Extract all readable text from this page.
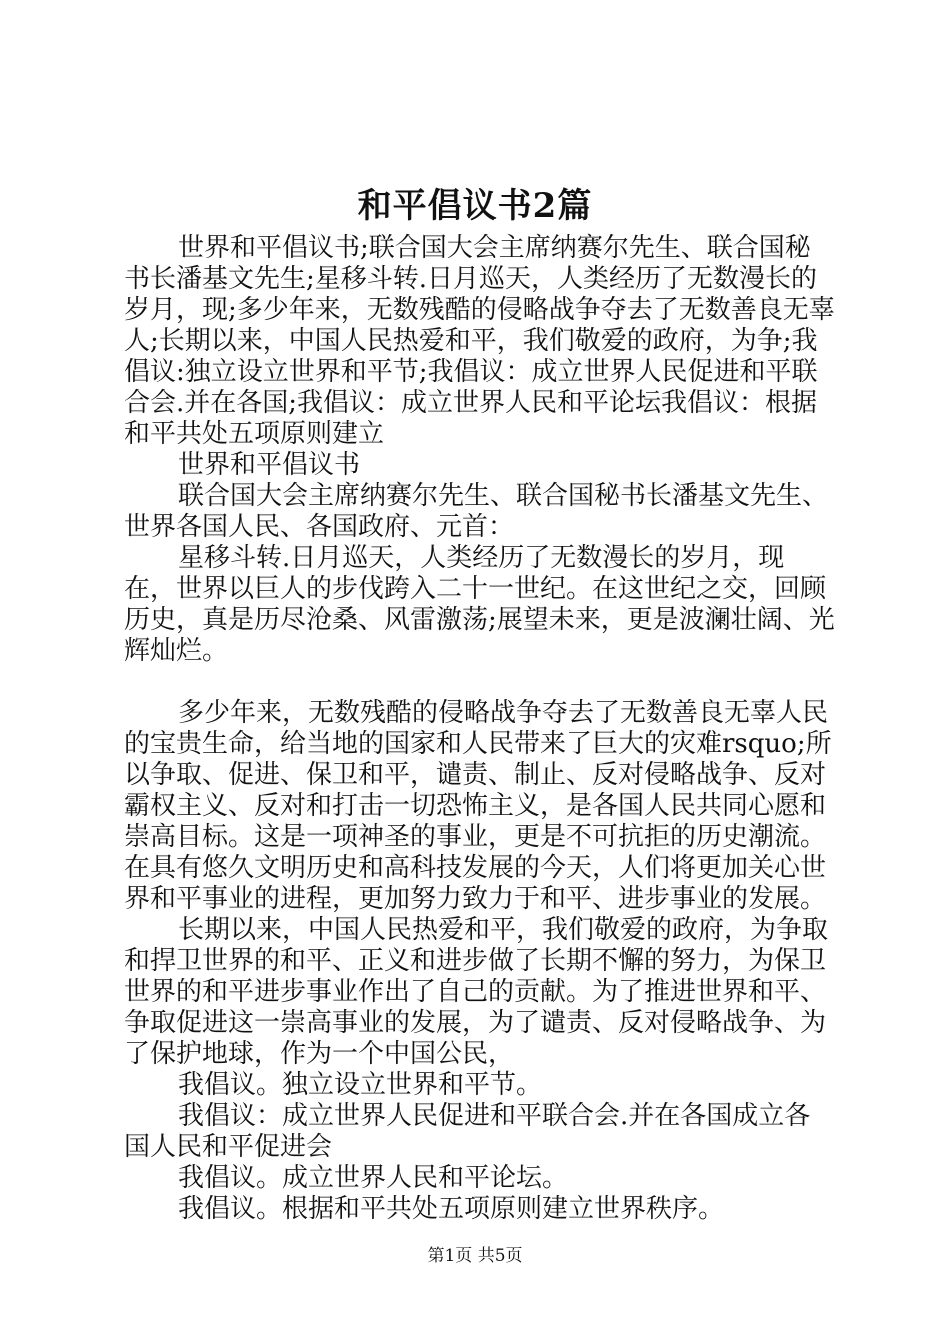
和平倡议书2篇

世界和平倡议书;联合国大会主席纳赛尔先生、联合国秘书长潘基文先生;星移斗转.日月巡天，人类经历了无数漫长的岁月，现;多少年来，无数残酷的侵略战争夺去了无数善良无辜人;长期以来，中国人民热爱和平，我们敬爱的政府，为争;我倡议:独立设立世界和平节;我倡议：成立世界人民促进和平联合会.并在各国;我倡议：成立世界人民和平论坛我倡议：根据和平共处五项原则建立

世界和平倡议书

联合国大会主席纳赛尔先生、联合国秘书长潘基文先生、世界各国人民、各国政府、元首：

星移斗转.日月巡天，人类经历了无数漫长的岁月，现在，世界以巨人的步伐跨入二十一世纪。在这世纪之交，回顾历史，真是历尽沧桑、风雷激荡;展望未来，更是波澜壮阔、光辉灿烂。

多少年来，无数残酷的侵略战争夺去了无数善良无辜人民的宝贵生命，给当地的国家和人民带来了巨大的灾难rsquo;所以争取、促进、保卫和平，谴责、制止、反对侵略战争、反对霸权主义、反对和打击一切恐怖主义，是各国人民共同心愿和崇高目标。这是一项神圣的事业，更是不可抗拒的历史潮流。在具有悠久文明历史和高科技发展的今天，人们将更加关心世界和平事业的进程，更加努力致力于和平、进步事业的发展。

长期以来，中国人民热爱和平，我们敬爱的政府，为争取和捍卫世界的和平、正义和进步做了长期不懈的努力，为保卫世界的和平进步事业作出了自己的贡献。为了推进世界和平、争取促进这一崇高事业的发展，为了谴责、反对侵略战争、为了保护地球，作为一个中国公民，

我倡议。独立设立世界和平节。

我倡议：成立世界人民促进和平联合会.并在各国成立各国人民和平促进会

我倡议。成立世界人民和平论坛。

我倡议。根据和平共处五项原则建立世界秩序。

第1页 共5页
